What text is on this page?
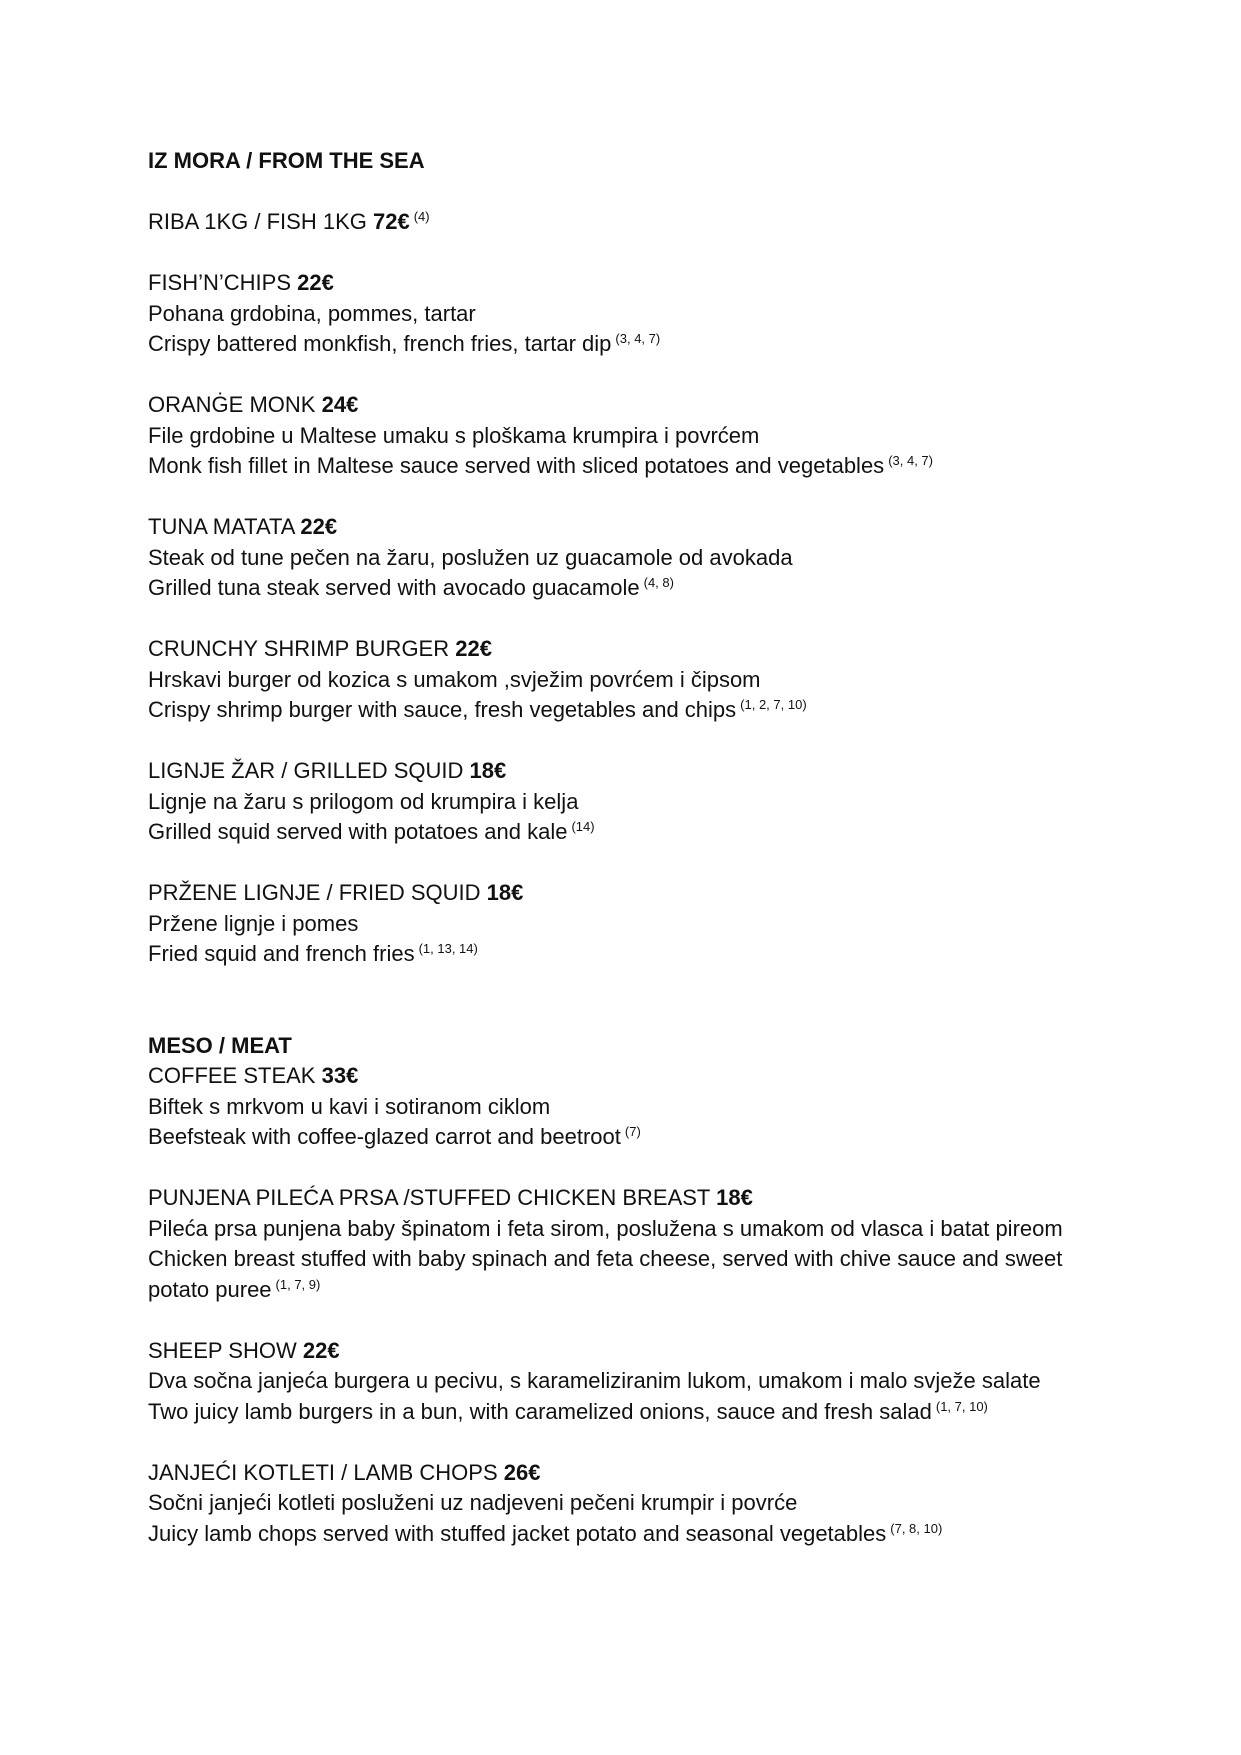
IZ MORA / FROM THE SEA

RIBA 1KG / FISH 1KG 72€ $^{(4)}$

FISH’N’CHIPS 22€

Pohana grdobina, pommes, tartar

Crispy battered monkfish, french fries, tartar dip $^{(3, 4, 7)}$

ORANĠE MONK 24€

File grdobine u Maltese umaku s ploškama krumpira i povrćem

Monk fish fillet in Maltese sauce served with sliced potatoes and vegetables $^{(3, 4, 7)}$

TUNA MATATA 22€

Steak od tune pečen na žaru, poslužen uz guacamole od avokada

Grilled tuna steak served with avocado guacamole $^{(4, 8)}$

CRUNCHY SHRIMP BURGER 22€

Hrskavi burger od kozica s umakom ,svježim povrćem i čipsom

Crispy shrimp burger with sauce, fresh vegetables and chips $^{(1, 2, 7, 10)}$

LIGNJE ŽAR / GRILLED SQUID 18€

Lignje na žaru s prilogom od krumpira i kelja

Grilled squid served with potatoes and kale $^{(14)}$

PRŽENE LIGNJE / FRIED SQUID 18€

Pržene lignje i pomes

Fried squid and french fries $^{(1, 13, 14)}$

MESO / MEAT

COFFEE STEAK 33€

Biftek s mrkvom u kavi i sotiranom ciklom

Beefsteak with coffee-glazed carrot and beetroot $^{(7)}$

PUNJENA PILEĆA PRSA /STUFFED CHICKEN BREAST 18€

Pileća prsa punjena baby špinatom i feta sirom, poslužena s umakom od vlasca i batat pireom

Chicken breast stuffed with baby spinach and feta cheese, served with chive sauce and sweet potato puree $^{(1, 7, 9)}$

SHEEP SHOW 22€

Dva sočna janjeća burgera u pecivu, s karameliziranim lukom, umakom i malo svježe salate

Two juicy lamb burgers in a bun, with caramelized onions, sauce and fresh salad $^{(1, 7, 10)}$

JANJEĆI KOTLETI / LAMB CHOPS 26€

Sočni janjeći kotleti posluženi uz nadjeveni pečeni krumpir i povrće

Juicy lamb chops served with stuffed jacket potato and seasonal vegetables $^{(7, 8, 10)}$
